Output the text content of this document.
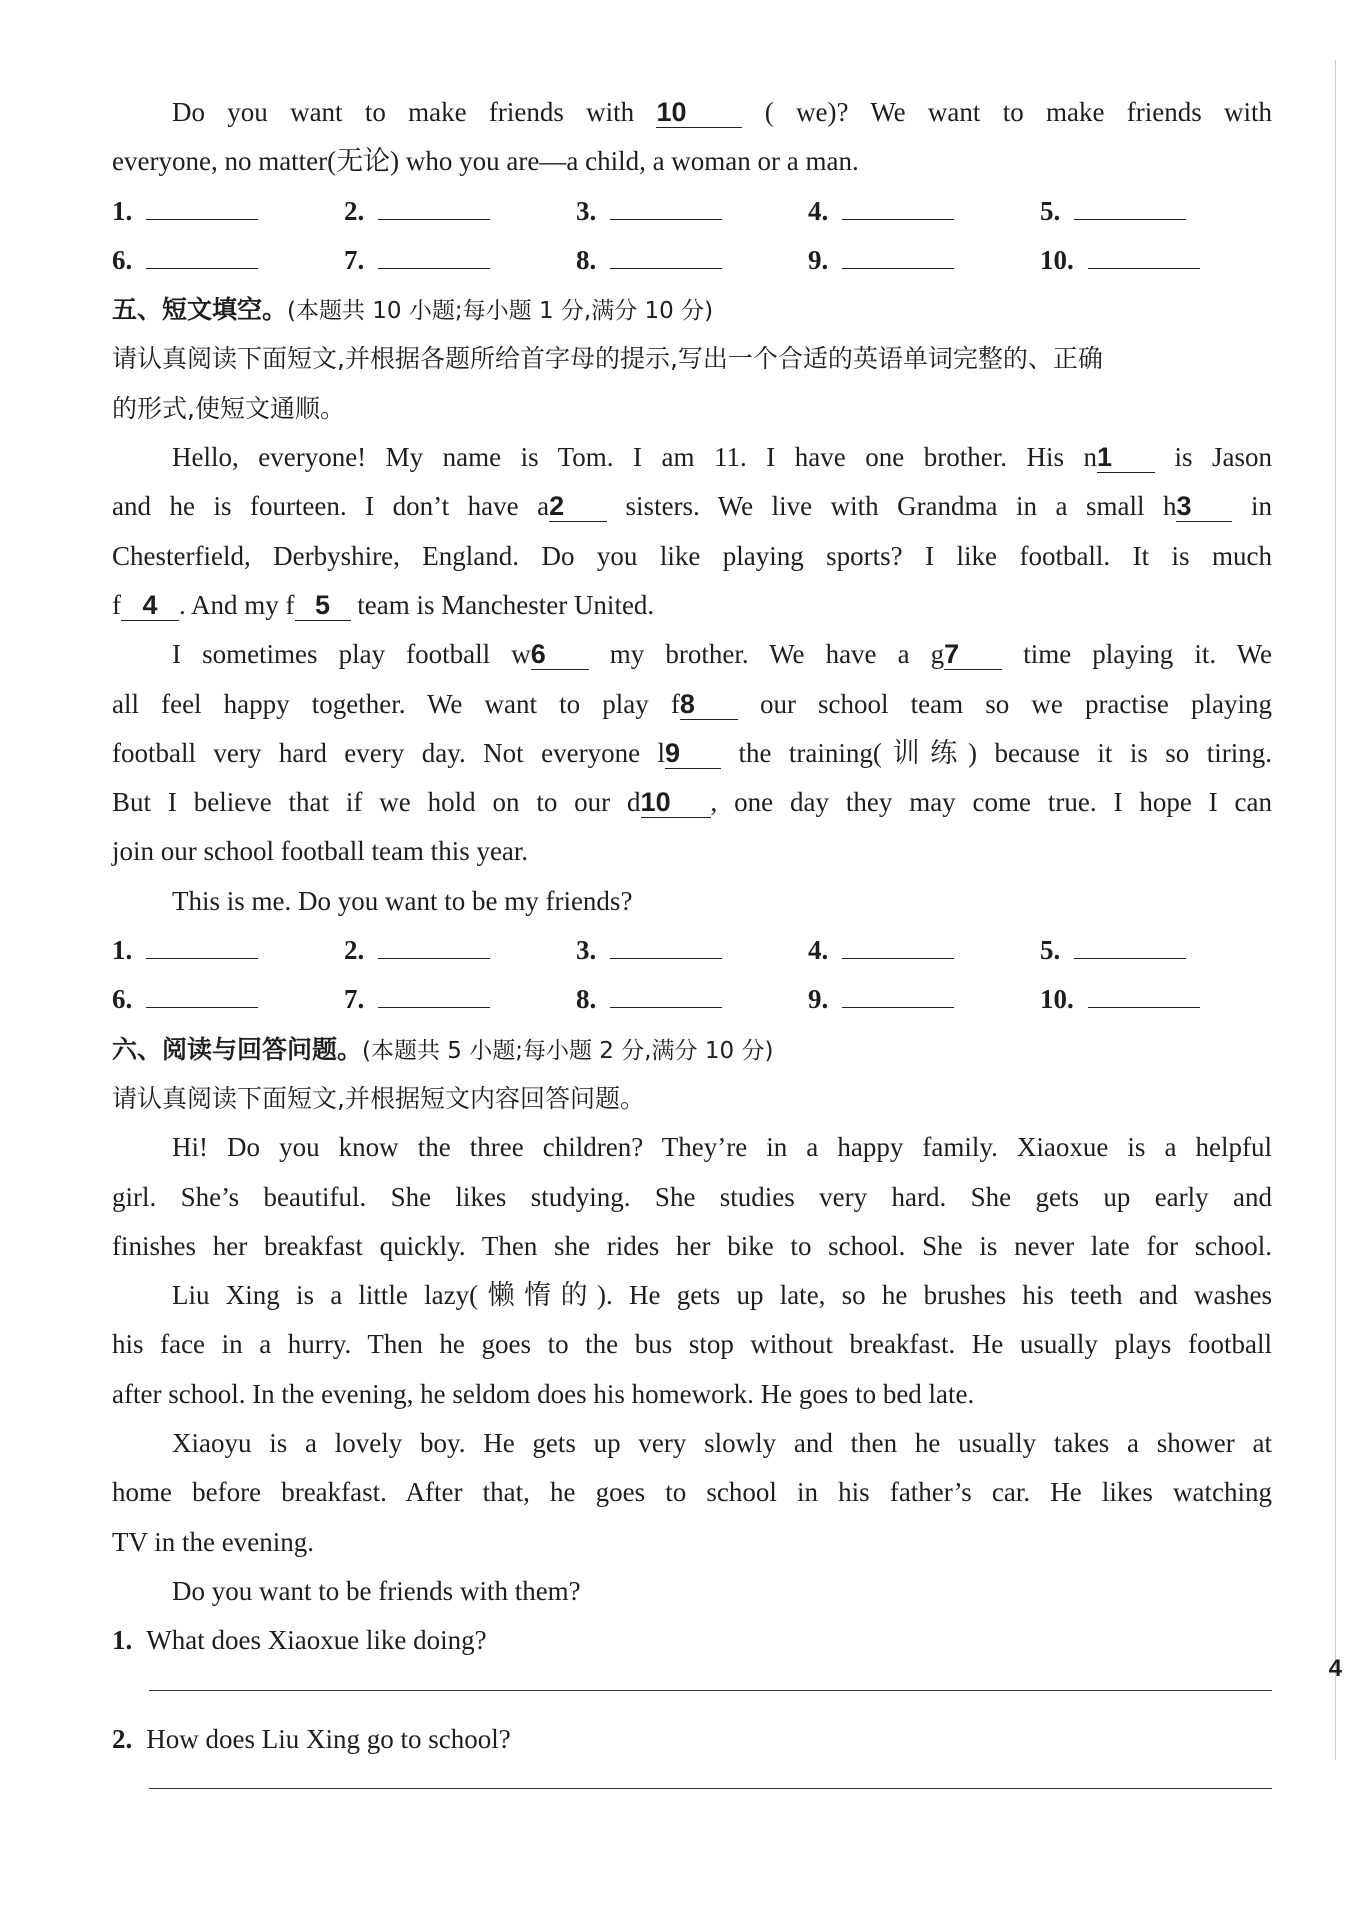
Do you want to make friends with 10	( we)? We want to make friends with
everyone, no matter(无论) who you are—a child, a woman or a man.
1.	2.	3.	4.	5.
6.	7.	8.	9.	10.
五、短文填空。(本题共 10 小题;每小题 1 分,满分 10 分)
请认真阅读下面短文,并根据各题所给首字母的提示,写出一个合适的英语单词完整的、正确
的形式,使短文通顺。
Hello, everyone! My name is Tom. I am 11. I have one brother. His n1 is Jason
and he is fourteen. I don’t have a2 sisters. We live with Grandma in a small h3 in
Chesterfield, Derbyshire, England. Do you like playing sports? I like football. It is much
f 4 . And my f 5 team is Manchester United.
I sometimes play football w6 my brother. We have a g7 time playing it. We
all feel happy together. We want to play f8 our school team so we practise playing
football very hard every day. Not everyone l9 the training(训练) because it is so tiring.
But I believe that if we hold on to our d10 , one day they may come true. I hope I can
join our school football team this year.
This is me. Do you want to be my friends?
1.	2.	3.	4.	5.
6.	7.	8.	9.	10.
六、阅读与回答问题。(本题共 5 小题;每小题 2 分,满分 10 分)
请认真阅读下面短文,并根据短文内容回答问题。
Hi! Do you know the three children? They’re in a happy family. Xiaoxue is a helpful
girl. She’s beautiful. She likes studying. She studies very hard. She gets up early and
finishes her breakfast quickly. Then she rides her bike to school. She is never late for school.
Liu Xing is a little lazy(懒惰的). He gets up late, so he brushes his teeth and washes
his face in a hurry. Then he goes to the bus stop without breakfast. He usually plays football
after school. In the evening, he seldom does his homework. He goes to bed late.
Xiaoyu is a lovely boy. He gets up very slowly and then he usually takes a shower at
home before breakfast. After that, he goes to school in his father’s car. He likes watching
TV in the evening.
Do you want to be friends with them?
1. What does Xiaoxue like doing?
2. How does Liu Xing go to school?
4
